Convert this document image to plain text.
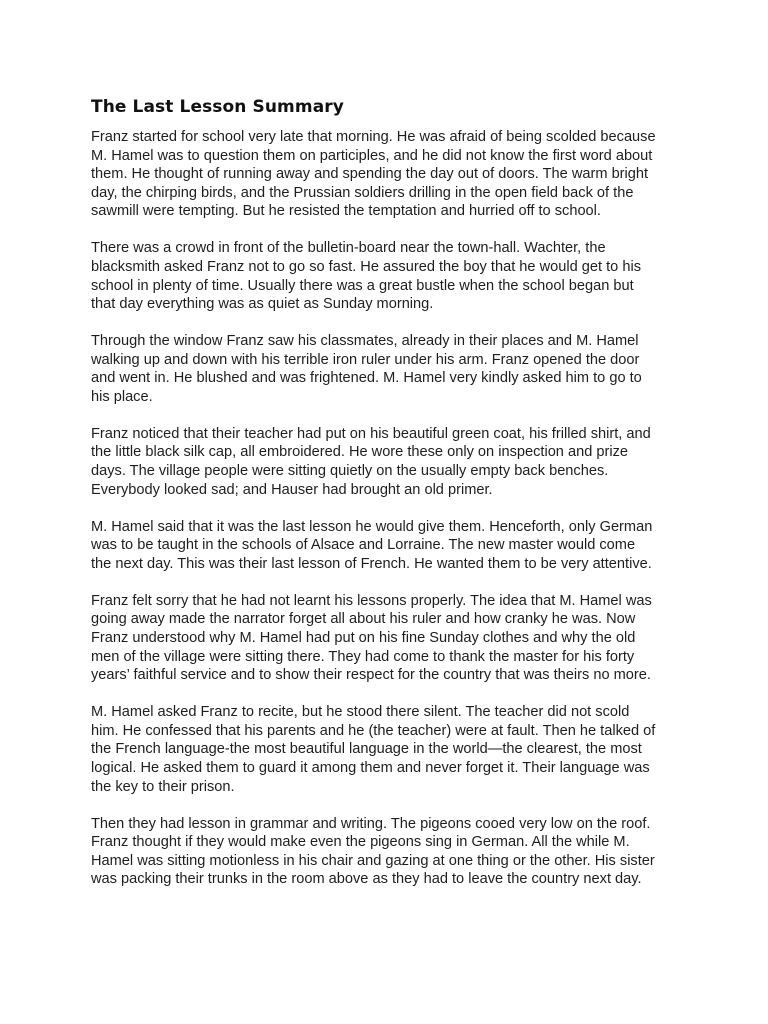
The Last Lesson Summary

Franz started for school very late that morning. He was afraid of being scolded because
M. Hamel was to question them on participles, and he did not know the first word about
them. He thought of running away and spending the day out of doors. The warm bright
day, the chirping birds, and the Prussian soldiers drilling in the open field back of the
sawmill were tempting. But he resisted the temptation and hurried off to school.

There was a crowd in front of the bulletin-board near the town-hall. Wachter, the
blacksmith asked Franz not to go so fast. He assured the boy that he would get to his
school in plenty of time. Usually there was a great bustle when the school began but
that day everything was as quiet as Sunday morning.

Through the window Franz saw his classmates, already in their places and M. Hamel
walking up and down with his terrible iron ruler under his arm. Franz opened the door
and went in. He blushed and was frightened. M. Hamel very kindly asked him to go to
his place.

Franz noticed that their teacher had put on his beautiful green coat, his frilled shirt, and
the little black silk cap, all embroidered. He wore these only on inspection and prize
days. The village people were sitting quietly on the usually empty back benches.
Everybody looked sad; and Hauser had brought an old primer.

M. Hamel said that it was the last lesson he would give them. Henceforth, only German
was to be taught in the schools of Alsace and Lorraine. The new master would come
the next day. This was their last lesson of French. He wanted them to be very attentive.

Franz felt sorry that he had not learnt his lessons properly. The idea that M. Hamel was
going away made the narrator forget all about his ruler and how cranky he was. Now
Franz understood why M. Hamel had put on his fine Sunday clothes and why the old
men of the village were sitting there. They had come to thank the master for his forty
years’ faithful service and to show their respect for the country that was theirs no more.

M. Hamel asked Franz to recite, but he stood there silent. The teacher did not scold
him. He confessed that his parents and he (the teacher) were at fault. Then he talked of
the French language-the most beautiful language in the world—the clearest, the most
logical. He asked them to guard it among them and never forget it. Their language was
the key to their prison.

Then they had lesson in grammar and writing. The pigeons cooed very low on the roof.
Franz thought if they would make even the pigeons sing in German. All the while M.
Hamel was sitting motionless in his chair and gazing at one thing or the other. His sister
was packing their trunks in the room above as they had to leave the country next day.
